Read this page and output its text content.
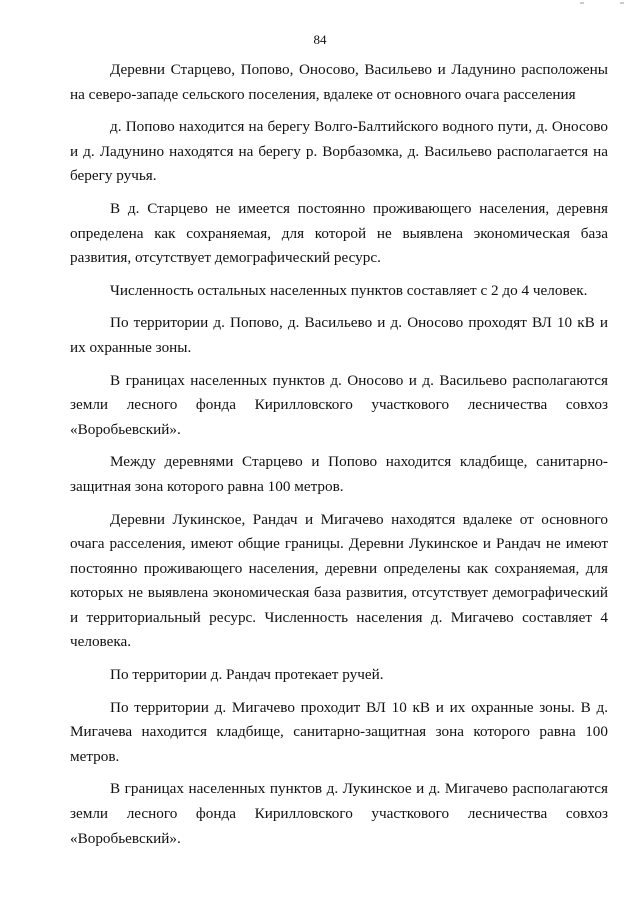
84

Деревни Старцево, Попово, Оносово, Васильево и Ладунино расположены на северо-западе сельского поселения, вдалеке от основного очага расселения

д. Попово находится на берегу Волго-Балтийского водного пути, д. Оносово и д. Ладунино находятся на берегу р. Ворбазомка, д. Васильево располагается на берегу ручья.

В д. Старцево не имеется постоянно проживающего населения, деревня определена как сохраняемая, для которой не выявлена экономическая база развития, отсутствует демографический ресурс.

Численность остальных населенных пунктов составляет с 2 до 4 человек.

По территории д. Попово, д. Васильево и д. Оносово проходят ВЛ 10 кВ и их охранные зоны.

В границах населенных пунктов д. Оносово и д. Васильево располагаются земли лесного фонда Кирилловского участкового лесничества совхоз «Воробьевский».

Между деревнями Старцево и Попово находится кладбище, санитарно-защитная зона которого равна 100 метров.

Деревни Лукинское, Рандач и Мигачево находятся вдалеке от основного очага расселения, имеют общие границы. Деревни Лукинское и Рандач не имеют постоянно проживающего населения, деревни определены как сохраняемая, для которых не выявлена экономическая база развития, отсутствует демографический и территориальный ресурс. Численность населения д. Мигачево составляет 4 человека.

По территории д. Рандач протекает ручей.

По территории д. Мигачево проходит ВЛ 10 кВ и их охранные зоны. В д. Мигачева находится кладбище, санитарно-защитная зона которого равна 100 метров.

В границах населенных пунктов д. Лукинское и д. Мигачево располагаются земли лесного фонда Кирилловского участкового лесничества совхоз «Воробьевский».
